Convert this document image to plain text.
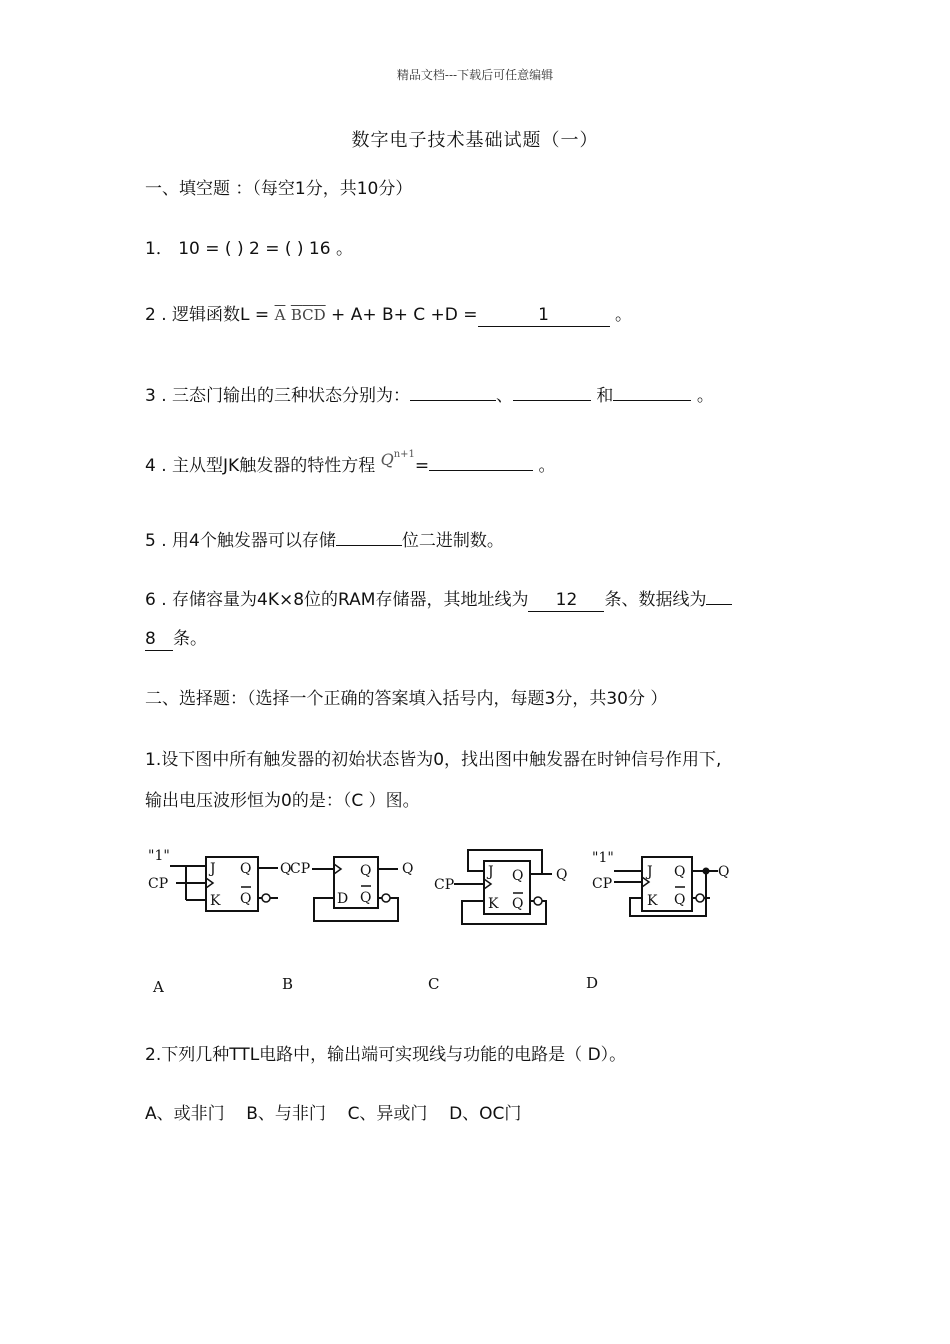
精品文档---下载后可任意编辑
数字电子技术基础试题（一）
一、填空题 ：（每空1分，共10分）
1． 10 = ( ) 2 = ( ) 16 。
2 . 逻辑函数$L = \overline{A}$ $\overline{B}\overline{C}\overline{D} + A+ B+ C +D$ =	1	。
3 . 三态门输出的三种状态分别为：	、	和	。
4 . 主从型JK触发器的特性方程 $Q^{n+1}=$	。
5 . 用4个触发器可以存储	位二进制数。
6 . 存储容量为4K×8位的RAM存储器，其地址线为 12 条、数据线为
8 条。
二、选择题：（选择一个正确的答案填入括号内，每题3分，共30分 ）
1.设下图中所有触发器的初始状态皆为0，找出图中触发器在时钟信号作用下,
输出电压波形恒为0的是：（C ）图。
"1"
CP
J
K
Q
Q
Q
CP
D
Q
Q
Q
CP
J
K
Q
Q
Q
"1"
CP
J
K
Q
Q
Q
A	B	C	D
2.下列几种TTL电路中，输出端可实现线与功能的电路是（ D）。
A、或非门 B、与非门 C、异或门 D、OC门
